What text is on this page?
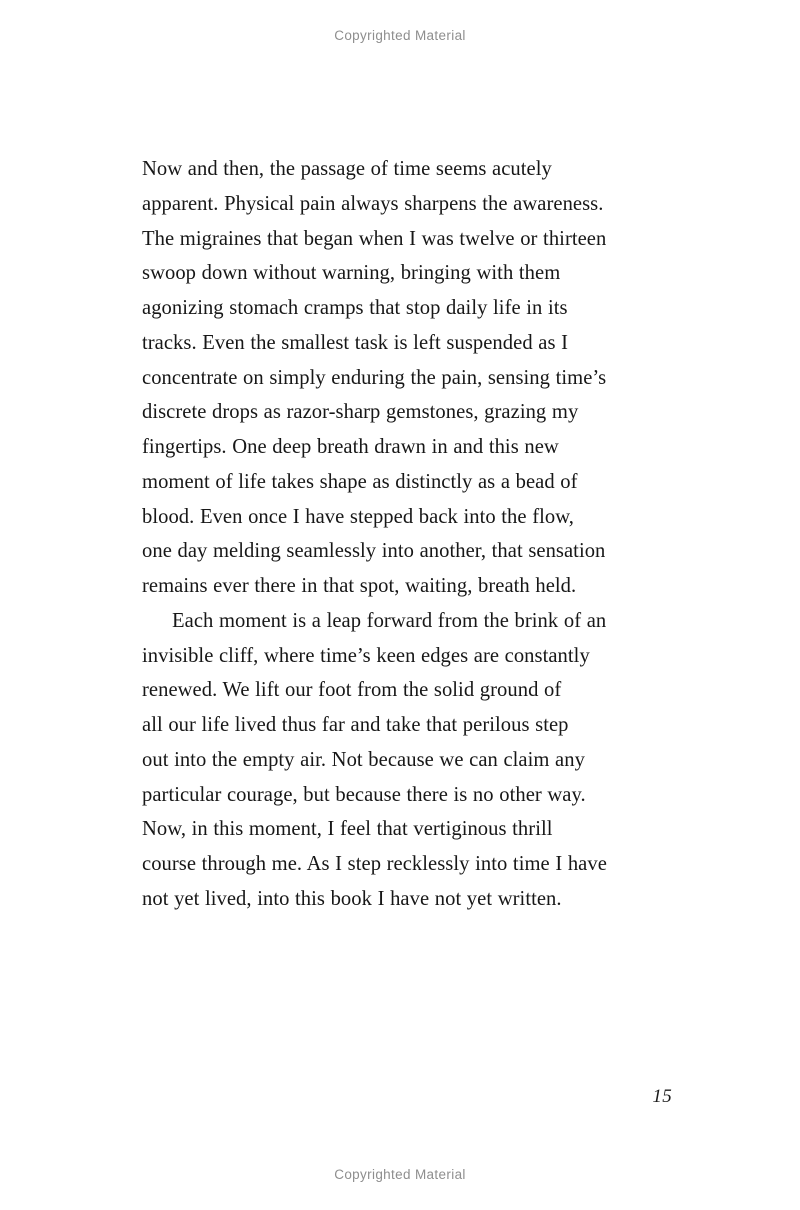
Copyrighted Material

Now and then, the passage of time seems acutely
apparent. Physical pain always sharpens the awareness.
The migraines that began when I was twelve or thirteen
swoop down without warning, bringing with them
agonizing stomach cramps that stop daily life in its
tracks. Even the smallest task is left suspended as I
concentrate on simply enduring the pain, sensing time’s
discrete drops as razor-sharp gemstones, grazing my
fingertips. One deep breath drawn in and this new
moment of life takes shape as distinctly as a bead of
blood. Even once I have stepped back into the flow,
one day melding seamlessly into another, that sensation
remains ever there in that spot, waiting, breath held.

Each moment is a leap forward from the brink of an
invisible cliff, where time’s keen edges are constantly
renewed. We lift our foot from the solid ground of
all our life lived thus far and take that perilous step
out into the empty air. Not because we can claim any
particular courage, but because there is no other way.
Now, in this moment, I feel that vertiginous thrill
course through me. As I step recklessly into time I have
not yet lived, into this book I have not yet written.

15
Copyrighted Material
